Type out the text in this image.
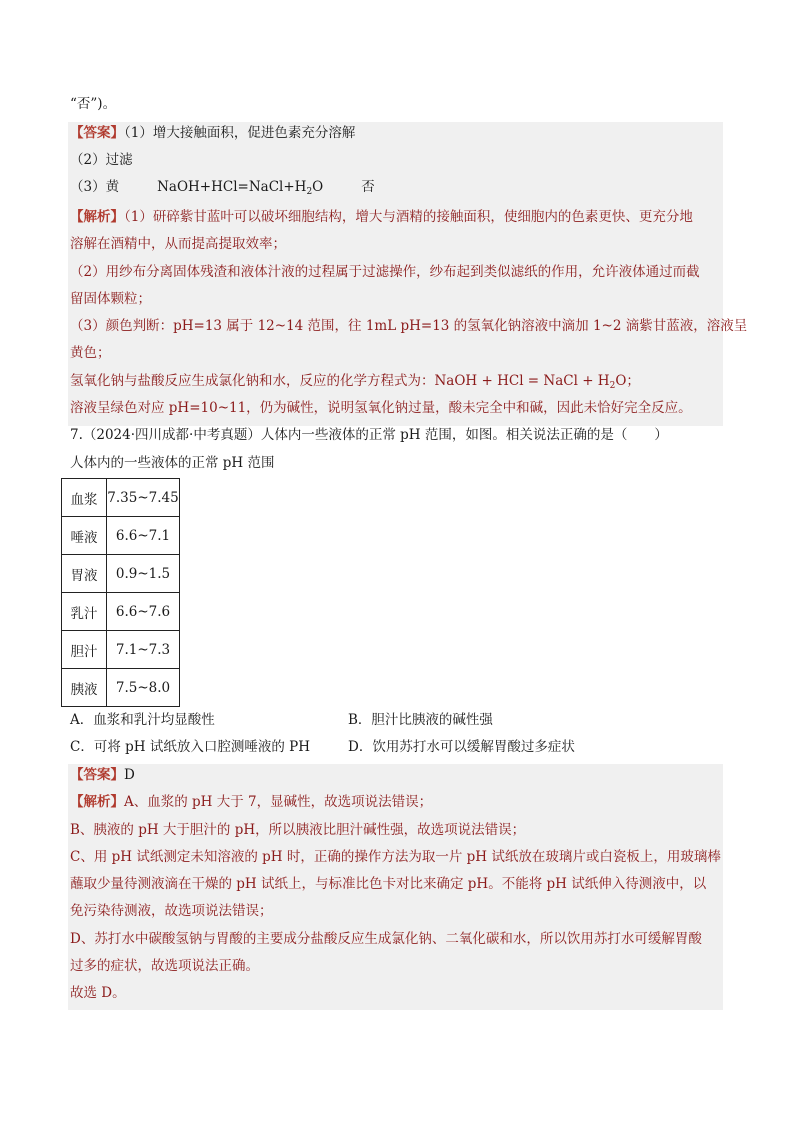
“否”)。
【答案】（1）增大接触面积，促进色素充分溶解
（2）过滤
（3）黄	$NaOH+HCl=NaCl+H_2O$	否
【解析】（1）研碎紫甘蓝叶可以破坏细胞结构，增大与酒精的接触面积，使细胞内的色素更快、更充分地
溶解在酒精中，从而提高提取效率；
（2）用纱布分离固体残渣和液体汁液的过程属于过滤操作，纱布起到类似滤纸的作用，允许液体通过而截
留固体颗粒；
（3）颜色判断：pH=13 属于 12~14 范围，往 1mL pH=13 的氢氧化钠溶液中滴加 1~2 滴紫甘蓝液，溶液呈
黄色；
氢氧化钠与盐酸反应生成氯化钠和水，反应的化学方程式为：NaOH + HCl = NaCl + $H_2O$；
溶液呈绿色对应 pH=10~11，仍为碱性，说明氢氧化钠过量，酸未完全中和碱，因此未恰好完全反应。
7.（2024·四川成都·中考真题）人体内一些液体的正常 pH 范围，如图。相关说法正确的是（　　）
人体内的一些液体的正常 pH 范围
血浆	7.35~7.45
唾液	6.6~7.1
胃液	0.9~1.5
乳汁	6.6~7.6
胆汁	7.1~7.3
胰液	7.5~8.0
A．血浆和乳汁均显酸性	B．胆汁比胰液的碱性强
C．可将 pH 试纸放入口腔测唾液的 PH	D．饮用苏打水可以缓解胃酸过多症状
【答案】D
【解析】A、血浆的 pH 大于 7，显碱性，故选项说法错误；
B、胰液的 pH 大于胆汁的 pH，所以胰液比胆汁碱性强，故选项说法错误；
C、用 pH 试纸测定未知溶液的 pH 时，正确的操作方法为取一片 pH 试纸放在玻璃片或白瓷板上，用玻璃棒
蘸取少量待测液滴在干燥的 pH 试纸上，与标准比色卡对比来确定 pH。不能将 pH 试纸伸入待测液中，以
免污染待测液，故选项说法错误；
D、苏打水中碳酸氢钠与胃酸的主要成分盐酸反应生成氯化钠、二氧化碳和水，所以饮用苏打水可缓解胃酸
过多的症状，故选项说法正确。
故选 D。
